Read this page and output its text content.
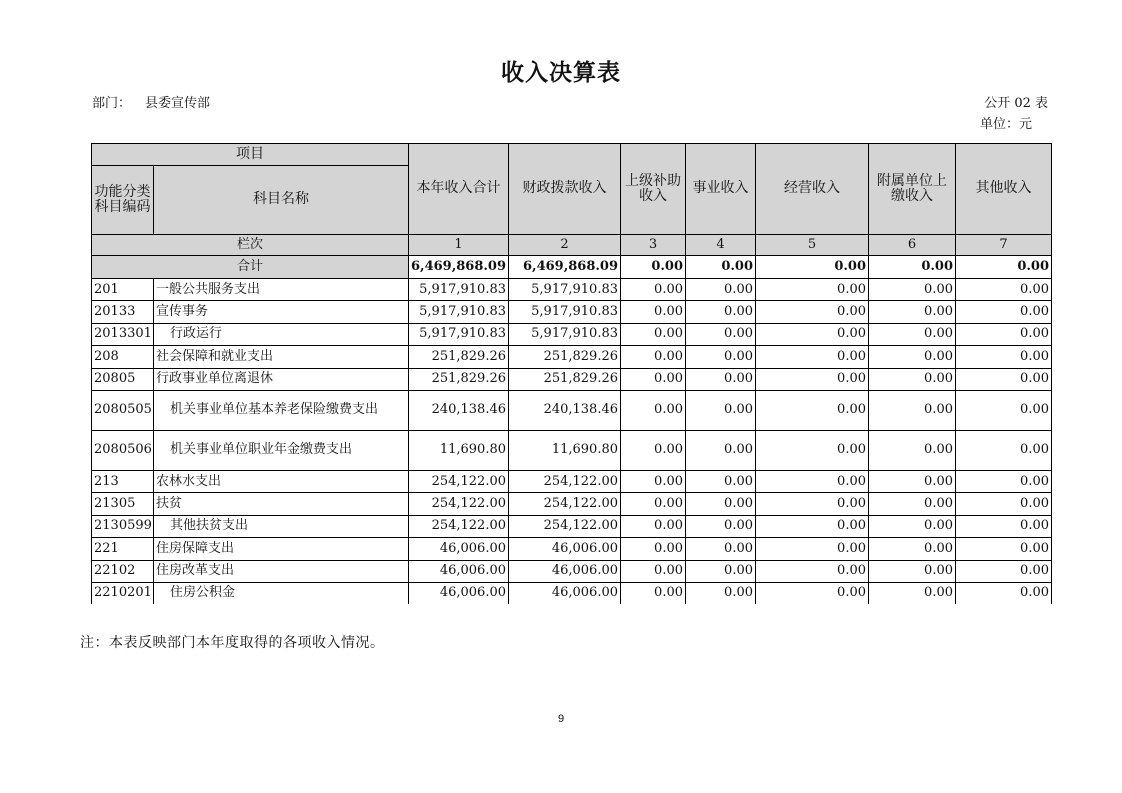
收入决算表
部门： 县委宣传部	公开 02 表
单位：元
项目		本年收入合计	财政拨款收入	上级补助收入	事业收入	经营收入	附属单位上缴收入	其他收入
功能分类科目编码	科目名称							
栏次		1	2	3	4	5	6	7
合计		6,469,868.09	6,469,868.09	0.00	0.00	0.00	0.00	0.00
201	一般公共服务支出	5,917,910.83	5,917,910.83	0.00	0.00	0.00	0.00	0.00
20133	宣传事务	5,917,910.83	5,917,910.83	0.00	0.00	0.00	0.00	0.00
2013301	行政运行	5,917,910.83	5,917,910.83	0.00	0.00	0.00	0.00	0.00
208	社会保障和就业支出	251,829.26	251,829.26	0.00	0.00	0.00	0.00	0.00
20805	行政事业单位离退休	251,829.26	251,829.26	0.00	0.00	0.00	0.00	0.00
2080505	机关事业单位基本养老保险缴费支出	240,138.46	240,138.46	0.00	0.00	0.00	0.00	0.00
2080506	机关事业单位职业年金缴费支出	11,690.80	11,690.80	0.00	0.00	0.00	0.00	0.00
213	农林水支出	254,122.00	254,122.00	0.00	0.00	0.00	0.00	0.00
21305	扶贫	254,122.00	254,122.00	0.00	0.00	0.00	0.00	0.00
2130599	其他扶贫支出	254,122.00	254,122.00	0.00	0.00	0.00	0.00	0.00
221	住房保障支出	46,006.00	46,006.00	0.00	0.00	0.00	0.00	0.00
22102	住房改革支出	46,006.00	46,006.00	0.00	0.00	0.00	0.00	0.00
2210201	住房公积金	46,006.00	46,006.00	0.00	0.00	0.00	0.00	0.00
注：本表反映部门本年度取得的各项收入情况。
9
